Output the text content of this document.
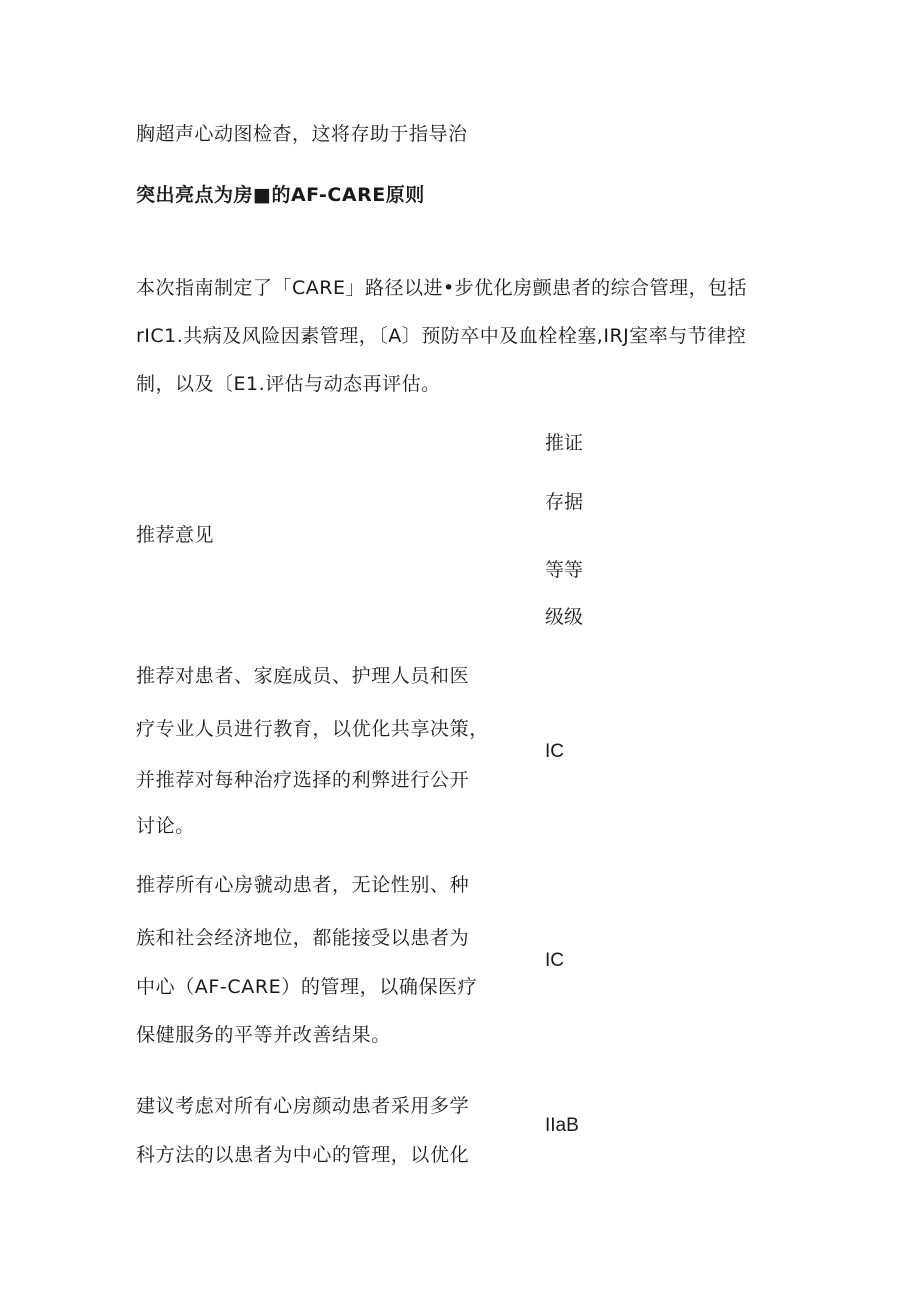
胸超声心动图检杳，这将存助于指导治
突出亮点为房■的AF-CARE原则
本次指南制定了「CARE」路径以进•步优化房颤患者的综合管理，包括
rIC1.共病及风险因素管理，〔A〕预防卒中及血栓栓塞,IRJ室率与节律控
制，以及〔E1.评估与动态再评估。
推荐意见
推证
存据
等等
级级
推荐对患者、家庭成员、护理人员和医
疗专业人员进行教育，以优化共享决策，
并推荐对每种治疗选择的利弊进行公开
讨论。
IC
推荐所有心房虢动患者，无论性别、种
族和社会经济地位，都能接受以患者为
中心（AF-CARE）的管理，以确保医疗
保健服务的平等并改善结果。
IC
建议考虑对所有心房颜动患者采用多学
科方法的以患者为中心的管理，以优化
IIaB
